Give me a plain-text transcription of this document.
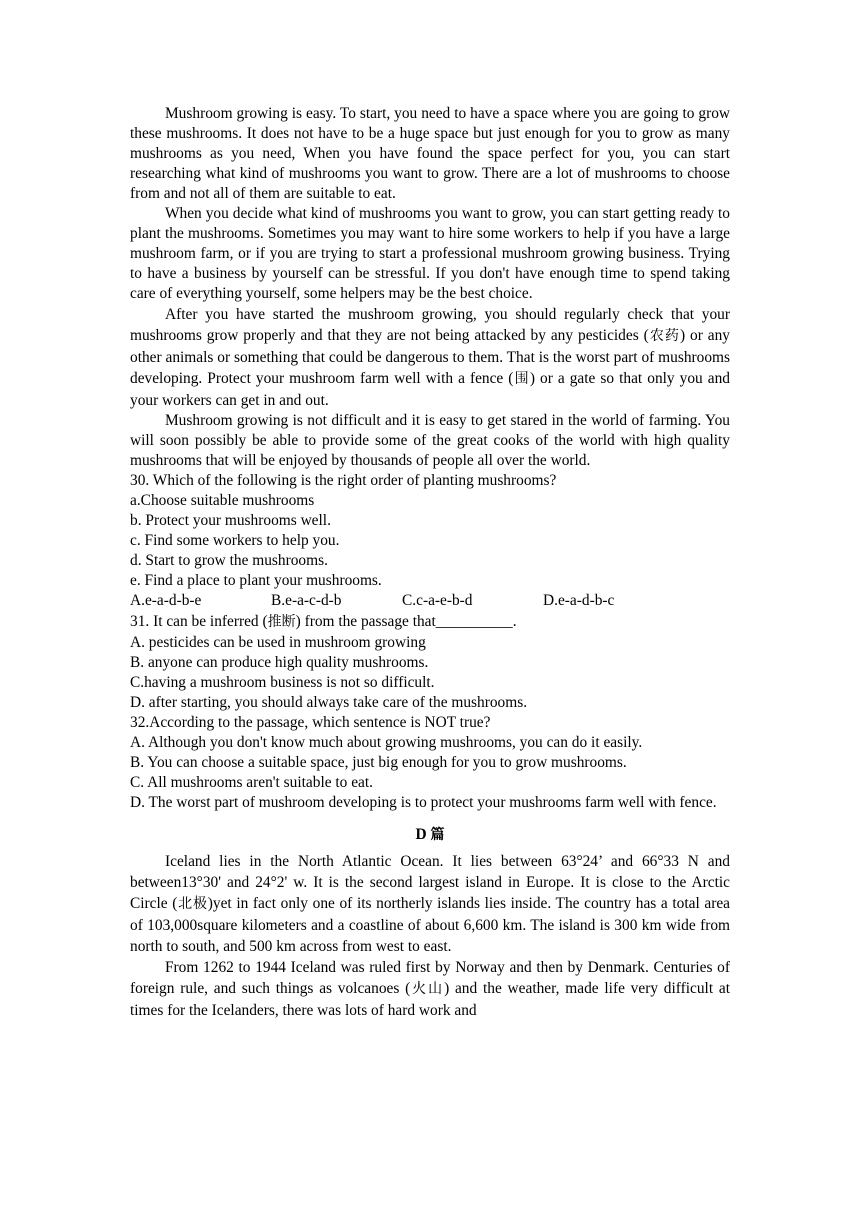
Mushroom growing is easy. To start, you need to have a space where you are going to grow these mushrooms. It does not have to be a huge space but just enough for you to grow as many mushrooms as you need, When you have found the space perfect for you, you can start researching what kind of mushrooms you want to grow. There are a lot of mushrooms to choose from and not all of them are suitable to eat.

When you decide what kind of mushrooms you want to grow, you can start getting ready to plant the mushrooms. Sometimes you may want to hire some workers to help if you have a large mushroom farm, or if you are trying to start a professional mushroom growing business. Trying to have a business by yourself can be stressful. If you don't have enough time to spend taking care of everything yourself, some helpers may be the best choice.

After you have started the mushroom growing, you should regularly check that your mushrooms grow properly and that they are not being attacked by any pesticides (农药) or any other animals or something that could be dangerous to them. That is the worst part of mushrooms developing. Protect your mushroom farm well with a fence (围) or a gate so that only you and your workers can get in and out.

Mushroom growing is not difficult and it is easy to get stared in the world of farming. You will soon possibly be able to provide some of the great cooks of the world with high quality mushrooms that will be enjoyed by thousands of people all over the world.

30. Which of the following is the right order of planting mushrooms?

a.Choose suitable mushrooms

b. Protect your mushrooms well.

c. Find some workers to help you.

d. Start to grow the mushrooms.

e. Find a place to plant your mushrooms.

A.e-a-d-b-e	B.e-a-c-d-b	C.c-a-e-b-d	D.e-a-d-b-c

31. It can be inferred (推断) from the passage that__________.

A. pesticides can be used in mushroom growing

B. anyone can produce high quality mushrooms.

C.having a mushroom business is not so difficult.

D. after starting, you should always take care of the mushrooms.

32.According to the passage, which sentence is NOT true?

A. Although you don't know much about growing mushrooms, you can do it easily.

B. You can choose a suitable space, just big enough for you to grow mushrooms.

C. All mushrooms aren't suitable to eat.

D. The worst part of mushroom developing is to protect your mushrooms farm well with fence.

D 篇

Iceland lies in the North Atlantic Ocean. It lies between 63°24’ and 66°33 N and between13°30' and 24°2' w. It is the second largest island in Europe. It is close to the Arctic Circle (北极)yet in fact only one of its northerly islands lies inside. The country has a total area of 103,000square kilometers and a coastline of about 6,600 km. The island is 300 km wide from north to south, and 500 km across from west to east.

From 1262 to 1944 Iceland was ruled first by Norway and then by Denmark. Centuries of foreign rule, and such things as volcanoes (火山) and the weather, made life very difficult at times for the Icelanders, there was lots of hard work and
